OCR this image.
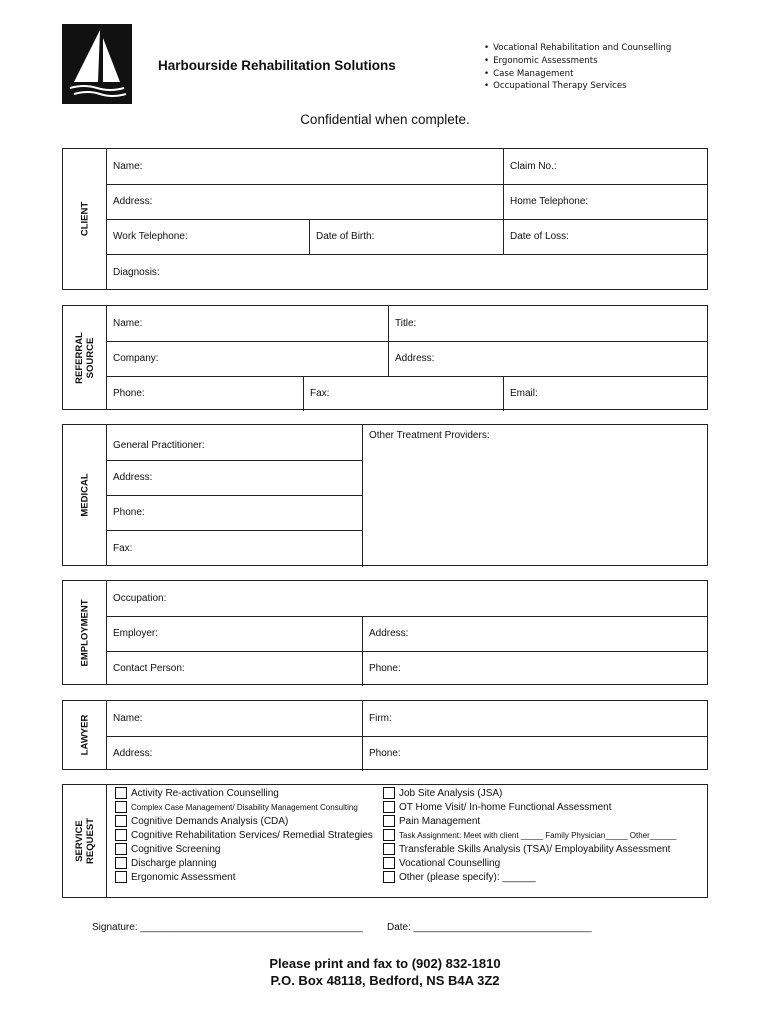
Harbourside Rehabilitation Solutions
• Vocational Rehabilitation and Counselling
• Ergonomic Assessments
• Case Management
• Occupational Therapy Services
Confidential when complete.
CLIENT
Name:	Claim No.:
Address:	Home Telephone:
Work Telephone:	Date of Birth:	Date of Loss:
Diagnosis:
REFERRAL SOURCE
Name:	Title:
Company:	Address:
Phone:	Fax:	Email:
MEDICAL
General Practitioner:
Other Treatment Providers:
Address:
Phone:
Fax:
EMPLOYMENT
Occupation:
Employer:	Address:
Contact Person:	Phone:
LAWYER	Name:	Firm:
Address:	Phone:
SERVICE REQUEST
Activity Re-activation Counselling
Complex Case Management/ Disability Management Consulting
Cognitive Demands Analysis (CDA)
Cognitive Rehabilitation Services/ Remedial Strategies
Cognitive Screening
Discharge planning
Ergonomic Assessment
Job Site Analysis (JSA)
OT Home Visit/ In-home Functional Assessment
Pain Management
Task Assignment: Meet with client _____ Family Physician_____ Other______
Transferable Skills Analysis (TSA)/ Employability Assessment
Vocational Counselling
Other (please specify): ______
Signature: ________________________________________ Date: ________________________________
Please print and fax to (902) 832-1810
P.O. Box 48118, Bedford, NS B4A 3Z2
